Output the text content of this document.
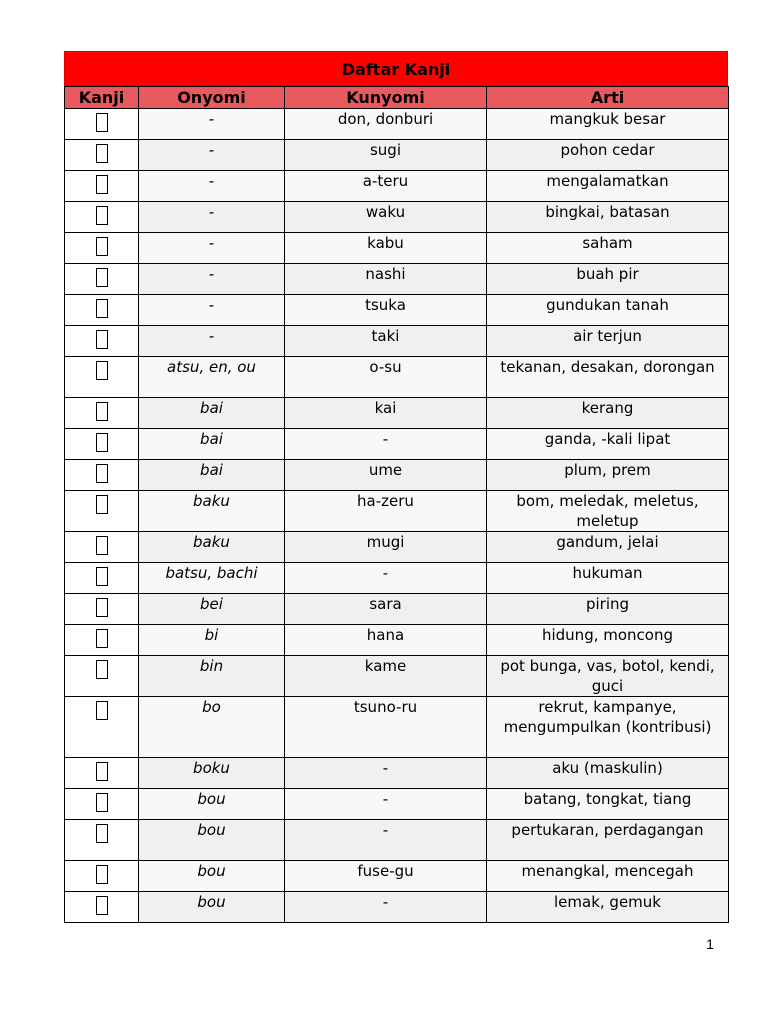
Daftar Kanji
Kanji	Onyomi	Kunyomi	Arti
	-	don, donburi	mangkuk besar
	-	sugi	pohon cedar
	-	a-teru	mengalamatkan
	-	waku	bingkai, batasan
	-	kabu	saham
	-	nashi	buah pir
	-	tsuka	gundukan tanah
	-	taki	air terjun
	atsu, en, ou	o-su	tekanan, desakan, dorongan
	bai	kai	kerang
	bai	-	ganda, -kali lipat
	bai	ume	plum, prem
	baku	ha-zeru	bom, meledak, meletus, meletup
	baku	mugi	gandum, jelai
	batsu, bachi	-	hukuman
	bei	sara	piring
	bi	hana	hidung, moncong
	bin	kame	pot bunga, vas, botol, kendi, guci
	bo	tsuno-ru	rekrut, kampanye, mengumpulkan (kontribusi)
	boku	-	aku (maskulin)
	bou	-	batang, tongkat, tiang
	bou	-	pertukaran, perdagangan
	bou	fuse-gu	menangkal, mencegah
	bou	-	lemak, gemuk
1
